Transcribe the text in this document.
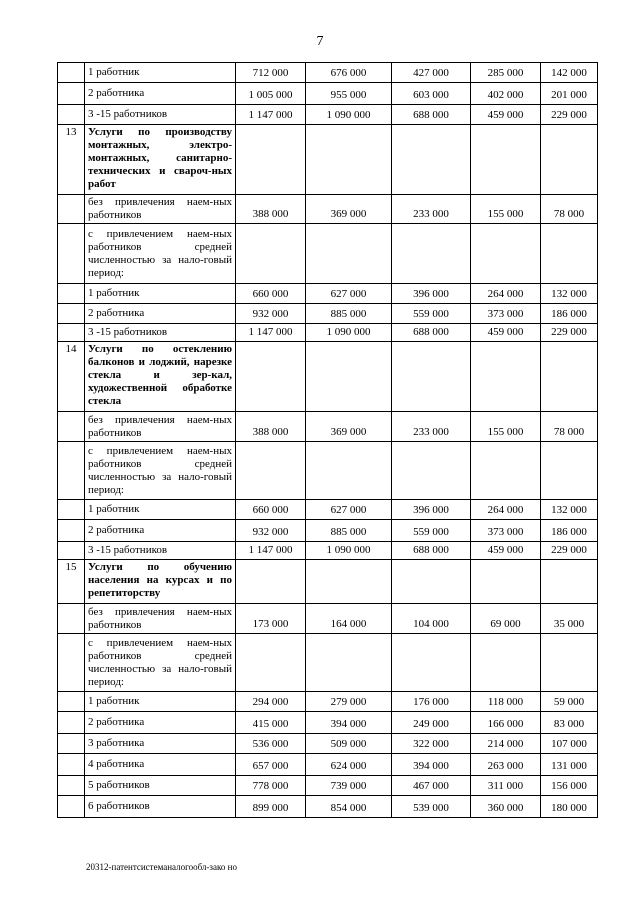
7
	1 работник	712 000	676 000	427 000	285 000	142 000
	2 работника	1 005 000	955 000	603 000	402 000	201 000
	3 -15 работников	1 147 000	1 090 000	688 000	459 000	229 000
13	Услуги по производству монтажных, электро-монтажных, санитарно-технических и свароч-ных работ					
	без привлечения наем-ных работников	388 000	369 000	233 000	155 000	78 000
	с привлечением наем-ных работников средней численностью за нало-говый период:					
	1 работник	660 000	627 000	396 000	264 000	132 000
	2 работника	932 000	885 000	559 000	373 000	186 000
	3 -15 работников	1 147 000	1 090 000	688 000	459 000	229 000
14	Услуги по остеклению балконов и лоджий, нарезке стекла и зер-кал, художественной обработке стекла					
	без привлечения наем-ных работников	388 000	369 000	233 000	155 000	78 000
	с привлечением наем-ных работников средней численностью за нало-говый период:					
	1 работник	660 000	627 000	396 000	264 000	132 000
	2 работника	932 000	885 000	559 000	373 000	186 000
	3 -15 работников	1 147 000	1 090 000	688 000	459 000	229 000
15	Услуги по обучению населения на курсах и по репетиторству					
	без привлечения наем-ных работников	173 000	164 000	104 000	69 000	35 000
	с привлечением наем-ных работников средней численностью за нало-говый период:					
	1 работник	294 000	279 000	176 000	118 000	59 000
	2 работника	415 000	394 000	249 000	166 000	83 000
	3 работника	536 000	509 000	322 000	214 000	107 000
	4 работника	657 000	624 000	394 000	263 000	131 000
	5 работников	778 000	739 000	467 000	311 000	156 000
	6 работников	899 000	854 000	539 000	360 000	180 000
20312-патентсистеманалогообл-зако но
